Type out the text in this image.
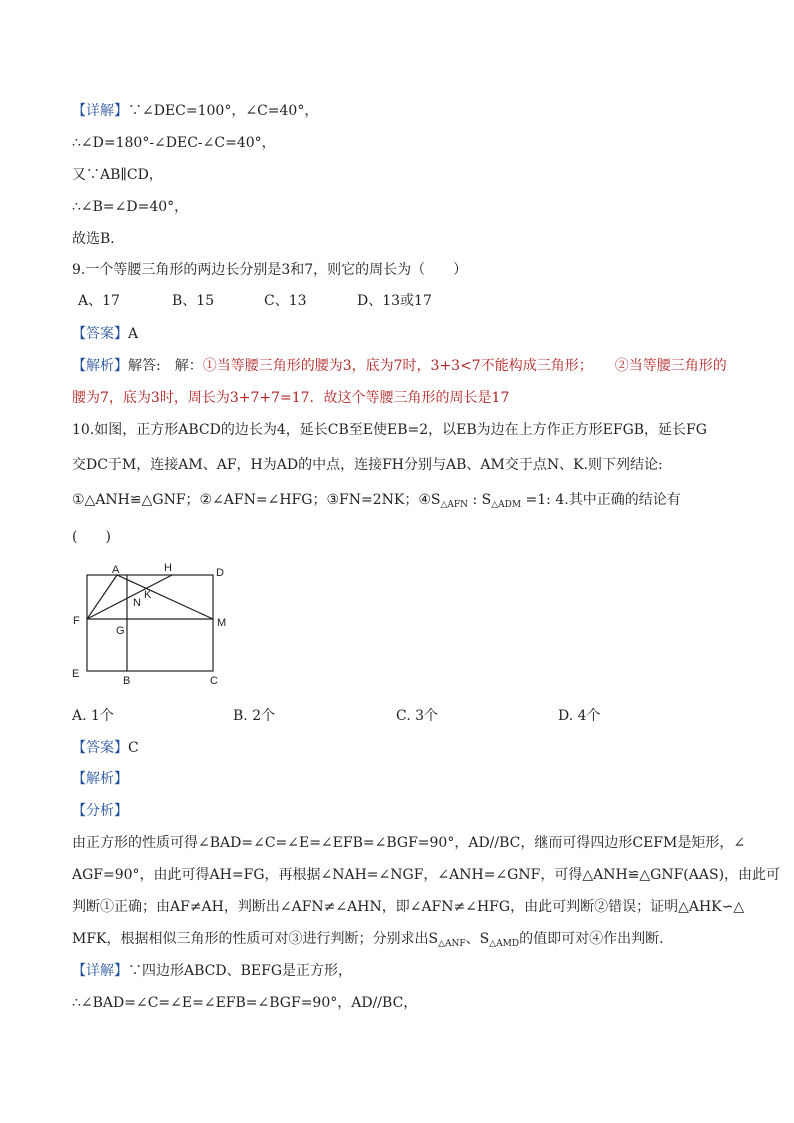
【详解】∵∠DEC=100°，∠C=40°，
∴∠D=180°-∠DEC-∠C=40°，
又∵AB∥CD，
∴∠B=∠D=40°，
故选B．
9.一个等腰三角形的两边长分别是3和7，则它的周长为（　　）
A、17	B、15	C、13	D、13或17
【答案】A
【解析】解答:　解：①当等腰三角形的腰为3，底为7时，3+3<7不能构成三角形； ②当等腰三角形的
腰为7，底为3时，周长为3+7+7=17．故这个等腰三角形的周长是17
10.如图，正方形ABCD的边长为4，延长CB至E使EB=2，以EB为边在上方作正方形EFGB，延长FG
交DC于M，连接AM、AF，H为AD的中点，连接FH分别与AB、AM交于点N、K.则下列结论:
①△ANH≌△GNF；②∠AFN=∠HFG；③FN=2NK；$④S_{\triangle AFN}$ : $S_{\triangle ADM} =1$: 4.其中正确的结论有
(　　)
A	H	D
N
K
F
G
M
E
B	C
A. 1个	B. 2个	C. 3个	D. 4个
【答案】C
【解析】
【分析】
由正方形的性质可得∠BAD=∠C=∠E=∠EFB=∠BGF=90°，AD//BC，继而可得四边形CEFM是矩形，∠
AGF=90°，由此可得AH=FG，再根据∠NAH=∠NGF，∠ANH=∠GNF，可得△ANH≌△GNF(AAS)，由此可
判断①正确；由AF≠AH，判断出∠AFN≠∠AHN，即∠AFN≠∠HFG，由此可判断②错误；证明△AHK∽△
MFK，根据相似三角形的性质可对③进行判断；分别求出$S_{\triangle ANF}$、$S_{\triangle AMD}$的值即可对④作出判断.
【详解】∵四边形ABCD、BEFG是正方形，
∴∠BAD=∠C=∠E=∠EFB=∠BGF=90°，AD//BC，
